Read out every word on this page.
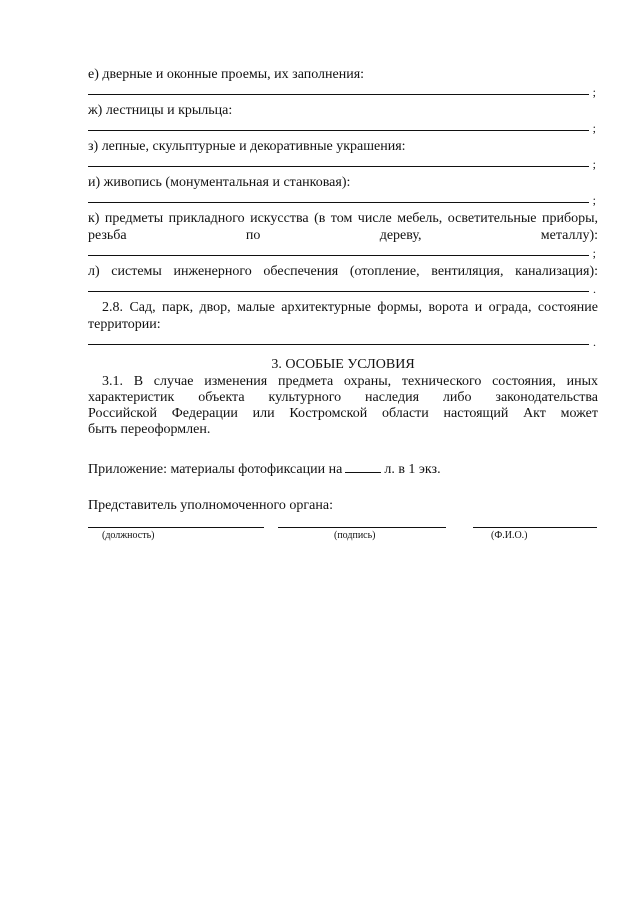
е) дверные и оконные проемы, их заполнения:
;
ж) лестницы и крыльца:
;
з) лепные, скульптурные и декоративные украшения:
;
и) живопись (монументальная и станковая):
;
к) предметы прикладного искусства (в том числе мебель, осветительные приборы, резьба по дереву, металлу):
;
л) системы инженерного обеспечения (отопление, вентиляция, канализация):
.
2.8. Сад, парк, двор, малые архитектурные формы, ворота и ограда, состояние территории:
.
3. ОСОБЫЕ УСЛОВИЯ
3.1. В случае изменения предмета охраны, технического состояния, иных
характеристик объекта культурного наследия либо законодательства
Российской Федерации или Костромской области настоящий Акт может
быть переоформлен.
Приложение: материалы фотофиксации на	л. в 1 экз.
Представитель уполномоченного органа:
(должность)	(подпись)	(Ф.И.О.)
